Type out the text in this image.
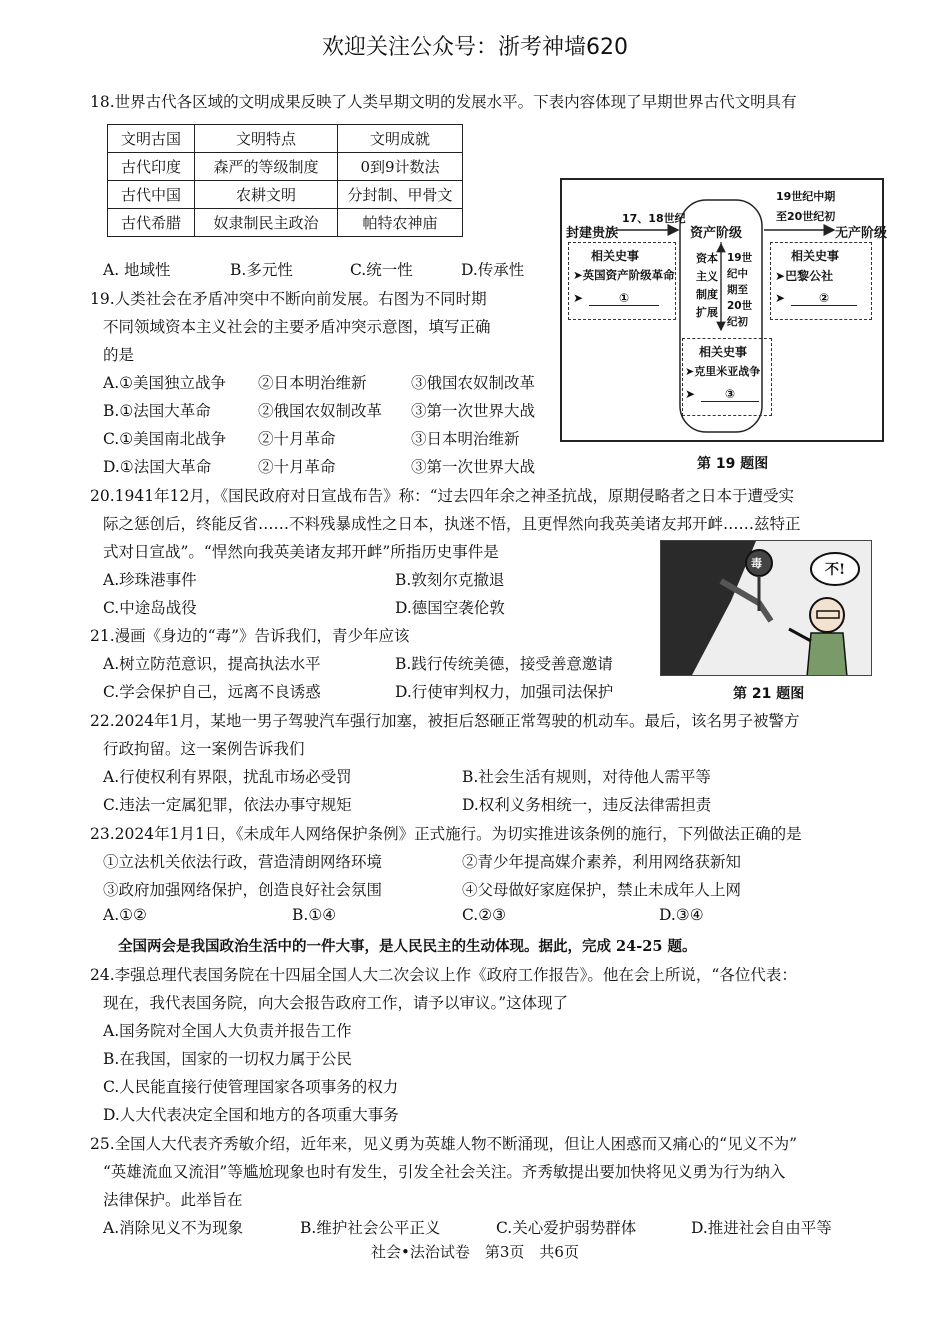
欢迎关注公众号：浙考神墙620
18.世界古代各区域的文明成果反映了人类早期文明的发展水平。下表内容体现了早期世界古代文明具有
文明古国	文明特点	文明成就
古代印度	森严的等级制度	0到9计数法
古代中国	农耕文明	分封制、甲骨文
古代希腊	奴隶制民主政治	帕特农神庙
A. 地域性	B.多元性	C.统一性	D.传承性
19.人类社会在矛盾冲突中不断向前发展。右图为不同时期
不同领域资本主义社会的主要矛盾冲突示意图，填写正确
的是
A.①美国独立战争 ②日本明治维新	③俄国农奴制改革
B.①法国大革命	②俄国农奴制改革 ③第一次世界大战
C.①美国南北战争 ②十月革命	③日本明治维新
D.①法国大革命	②十月革命	③第一次世界大战
封建贵族
17、18世纪
资产阶级
19世纪中期
至20世纪初
无产阶级
相关史事
➤英国资产阶级革命
➤	①
资本
主义
制度
扩展
19世
纪中
期至
20世
纪初
相关史事
➤巴黎公社
➤	②
相关史事
➤克里米亚战争
➤ ③
第 19 题图
20.1941年12月，《国民政府对日宣战布告》称：“过去四年余之神圣抗战，原期侵略者之日本于遭受实
际之惩创后，终能反省……不料残暴成性之日本，执迷不悟，且更悍然向我英美诸友邦开衅……兹特正
式对日宣战”。“悍然向我英美诸友邦开衅”所指历史事件是
A.珍珠港事件	B.敦刻尔克撤退
C.中途岛战役	D.德国空袭伦敦
21.漫画《身边的“毒”》告诉我们，青少年应该
A.树立防范意识，提高执法水平	B.践行传统美德，接受善意邀请
C.学会保护自己，远离不良诱惑	D.行使审判权力，加强司法保护
毒	不!
第 21 题图
22.2024年1月，某地一男子驾驶汽车强行加塞，被拒后怒砸正常驾驶的机动车。最后，该名男子被警方
行政拘留。这一案例告诉我们
A.行使权利有界限，扰乱市场必受罚	B.社会生活有规则，对待他人需平等
C.违法一定属犯罪，依法办事守规矩	D.权利义务相统一，违反法律需担责
23.2024年1月1日，《未成年人网络保护条例》正式施行。为切实推进该条例的施行，下列做法正确的是
①立法机关依法行政，营造清朗网络环境	②青少年提高媒介素养，利用网络获新知
③政府加强网络保护，创造良好社会氛围	④父母做好家庭保护，禁止未成年人上网
A.①②	B.①④	C.②③	D.③④
全国两会是我国政治生活中的一件大事，是人民民主的生动体现。据此，完成 24-25 题。
24.李强总理代表国务院在十四届全国人大二次会议上作《政府工作报告》。他在会上所说，“各位代表：
现在，我代表国务院，向大会报告政府工作，请予以审议。”这体现了
A.国务院对全国人大负责并报告工作
B.在我国，国家的一切权力属于公民
C.人民能直接行使管理国家各项事务的权力
D.人大代表决定全国和地方的各项重大事务
25.全国人大代表齐秀敏介绍，近年来，见义勇为英雄人物不断涌现，但让人困惑而又痛心的“见义不为”
“英雄流血又流泪”等尴尬现象也时有发生，引发全社会关注。齐秀敏提出要加快将见义勇为行为纳入
法律保护。此举旨在
A.消除见义不为现象	B.维护社会公平正义	C.关心爱护弱势群体	D.推进社会自由平等
社会•法治试卷　第3页　共6页
